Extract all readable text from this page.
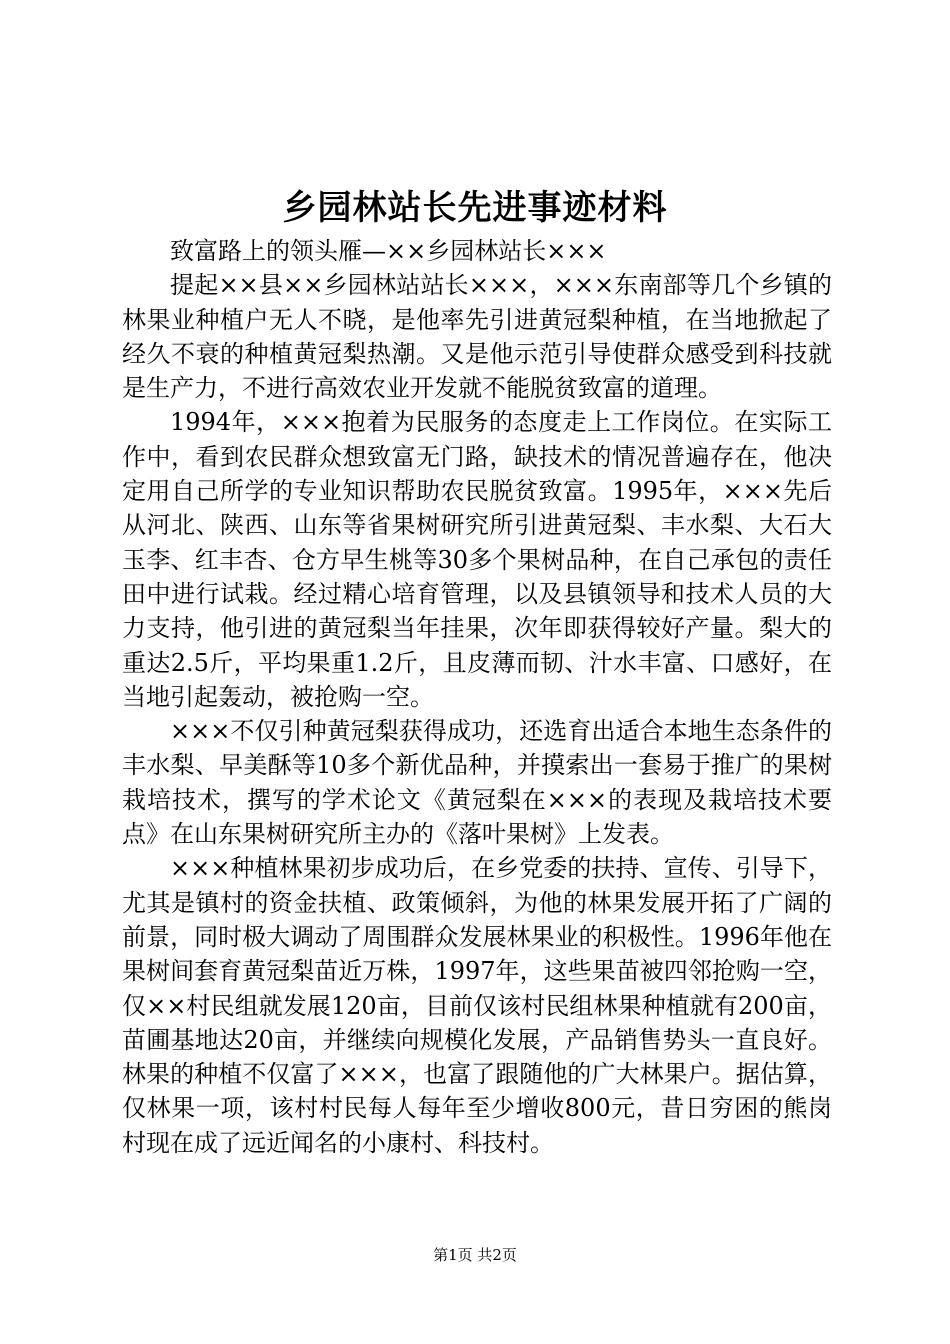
乡园林站长先进事迹材料

致富路上的领头雁—××乡园林站长×××

提起××县××乡园林站站长×××，×××东南部等几个乡镇的林果业种植户无人不晓，是他率先引进黄冠梨种植，在当地掀起了经久不衰的种植黄冠梨热潮。又是他示范引导使群众感受到科技就是生产力，不进行高效农业开发就不能脱贫致富的道理。

1994年，×××抱着为民服务的态度走上工作岗位。在实际工作中，看到农民群众想致富无门路，缺技术的情况普遍存在，他决定用自己所学的专业知识帮助农民脱贫致富。1995年，×××先后从河北、陕西、山东等省果树研究所引进黄冠梨、丰水梨、大石大玉李、红丰杏、仓方早生桃等30多个果树品种，在自己承包的责任田中进行试栽。经过精心培育管理，以及县镇领导和技术人员的大力支持，他引进的黄冠梨当年挂果，次年即获得较好产量。梨大的重达2.5斤，平均果重1.2斤，且皮薄而韧、汁水丰富、口感好，在当地引起轰动，被抢购一空。

×××不仅引种黄冠梨获得成功，还选育出适合本地生态条件的丰水梨、早美酥等10多个新优品种，并摸索出一套易于推广的果树栽培技术，撰写的学术论文《黄冠梨在×××的表现及栽培技术要点》在山东果树研究所主办的《落叶果树》上发表。

×××种植林果初步成功后，在乡党委的扶持、宣传、引导下，尤其是镇村的资金扶植、政策倾斜，为他的林果发展开拓了广阔的前景，同时极大调动了周围群众发展林果业的积极性。1996年他在果树间套育黄冠梨苗近万株，1997年，这些果苗被四邻抢购一空，仅××村民组就发展120亩，目前仅该村民组林果种植就有200亩，苗圃基地达20亩，并继续向规模化发展，产品销售势头一直良好。林果的种植不仅富了×××，也富了跟随他的广大林果户。据估算，仅林果一项，该村村民每人每年至少增收800元，昔日穷困的熊岗村现在成了远近闻名的小康村、科技村。

第1页 共2页
